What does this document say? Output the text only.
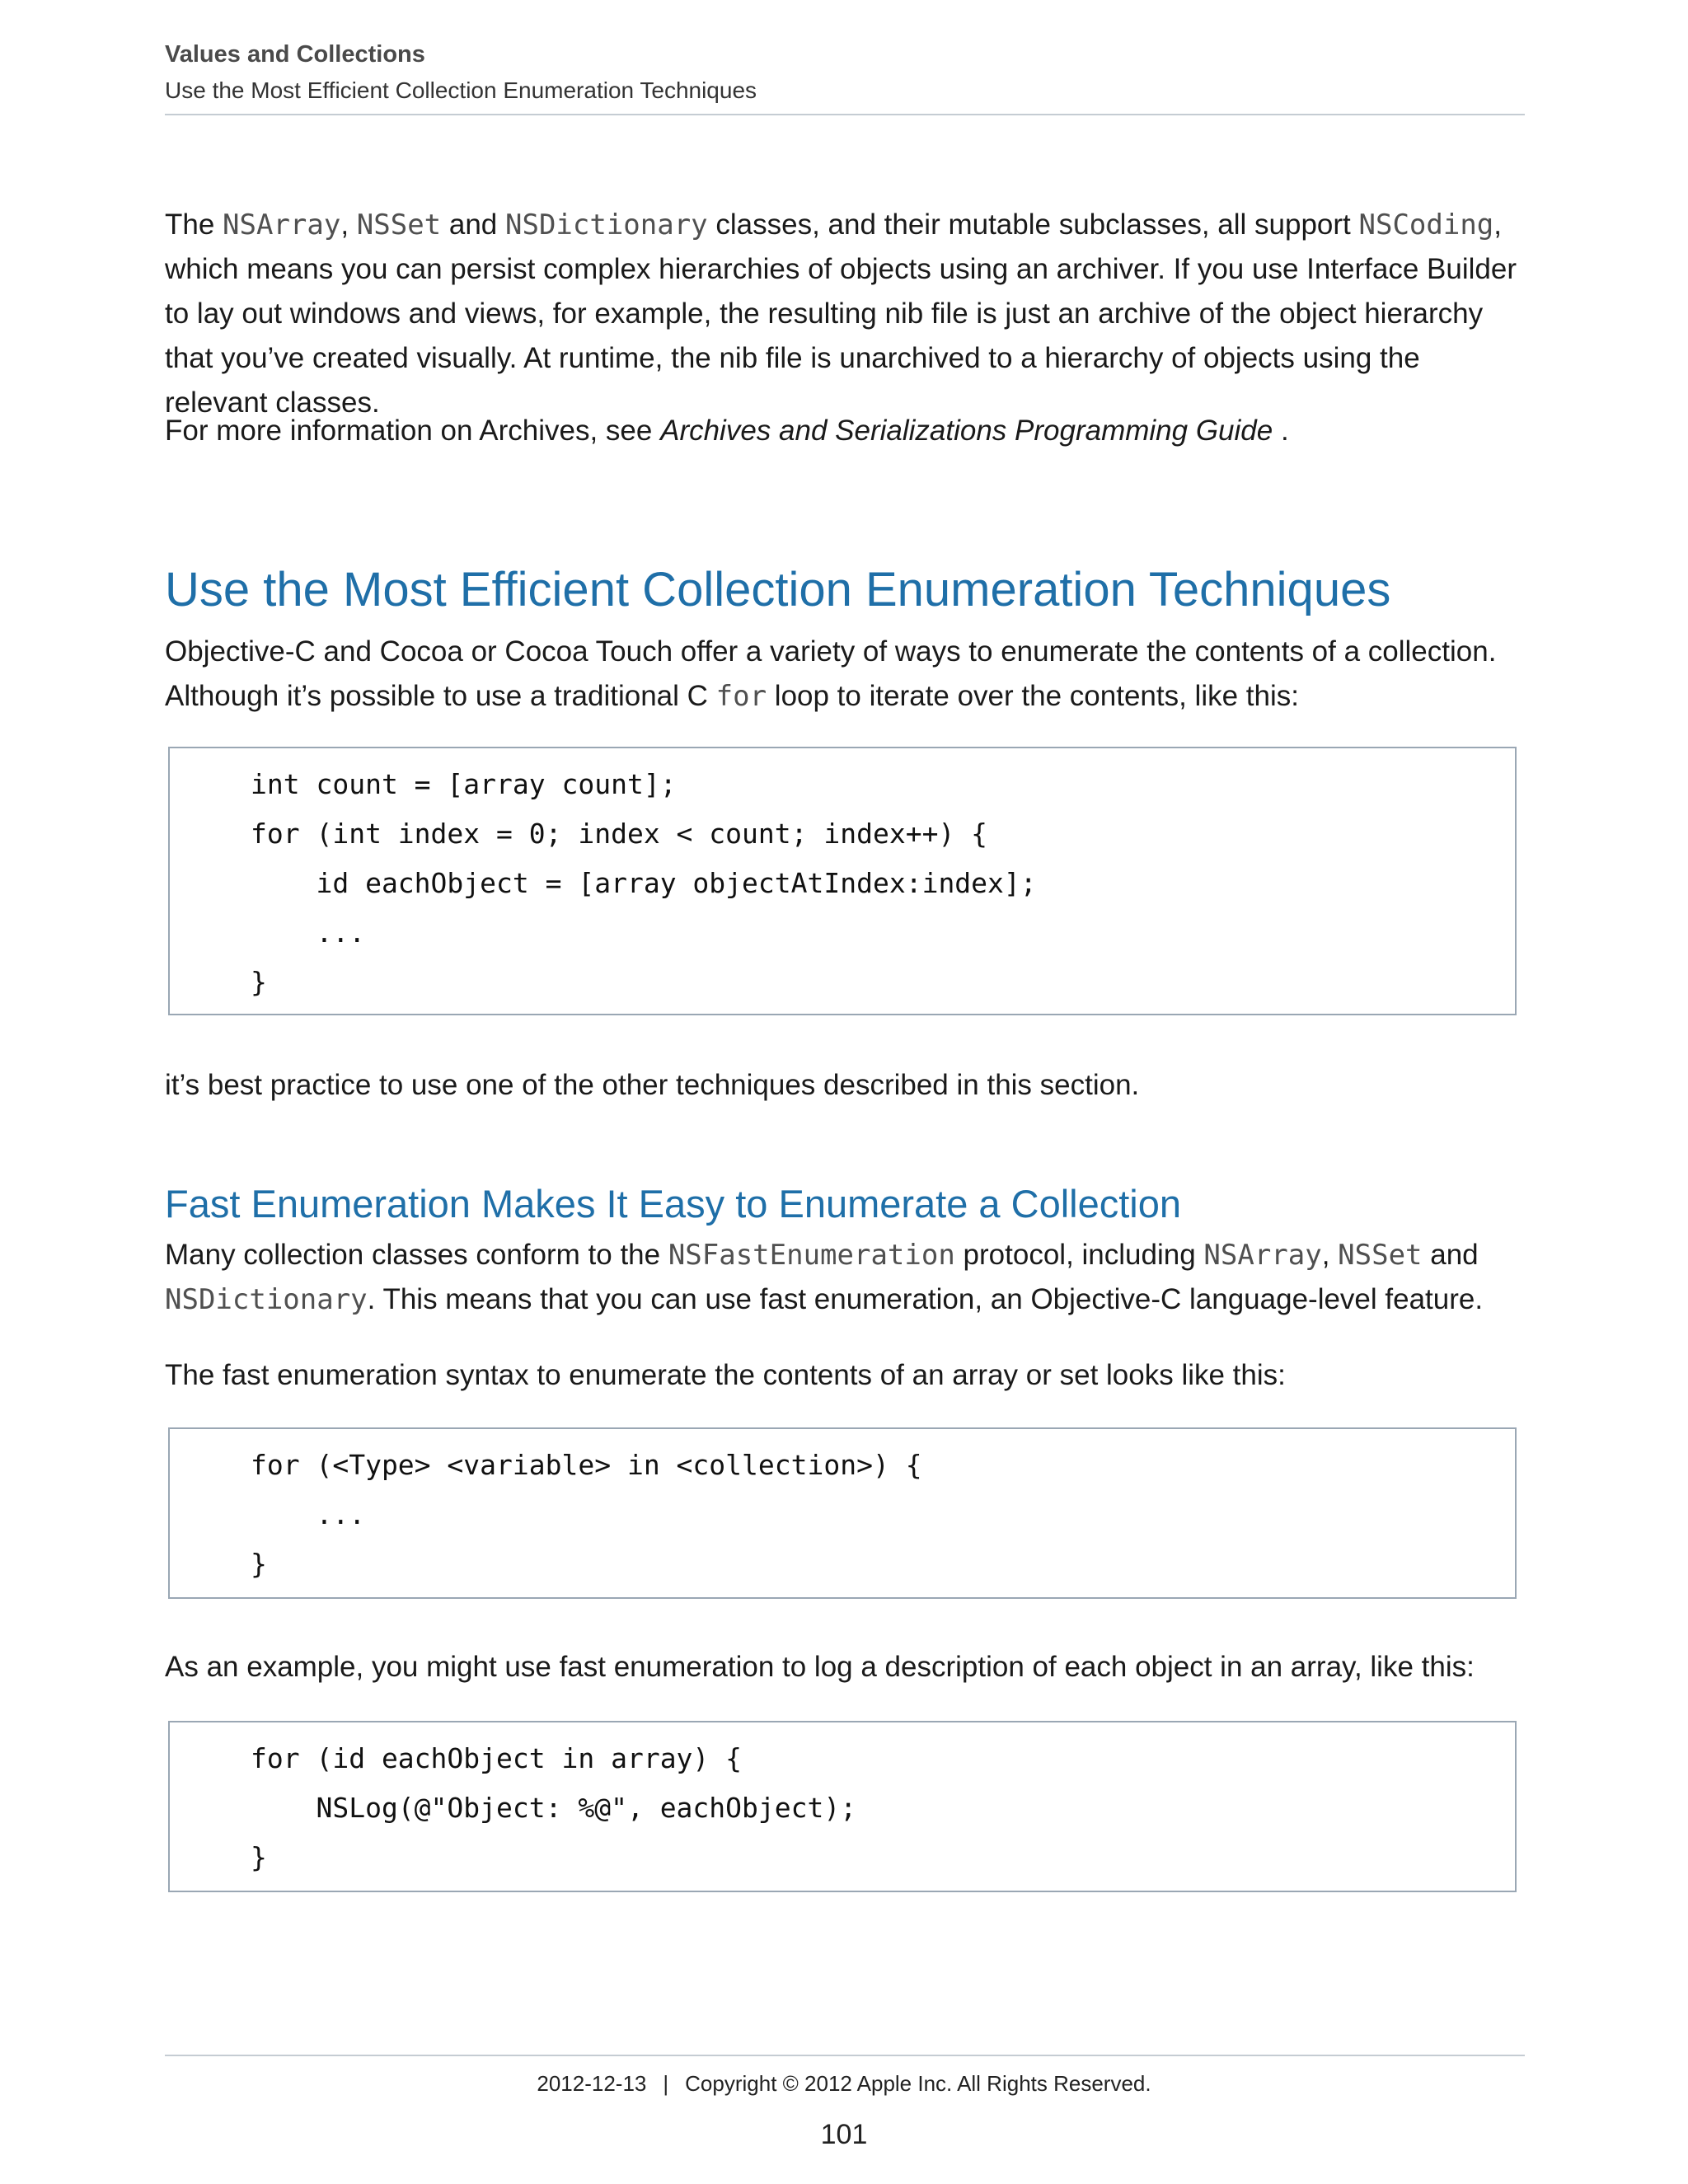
Values and Collections
Use the Most Efficient Collection Enumeration Techniques

The NSArray, NSSet and NSDictionary classes, and their mutable subclasses, all support NSCoding, which means you can persist complex hierarchies of objects using an archiver. If you use Interface Builder to lay out windows and views, for example, the resulting nib file is just an archive of the object hierarchy that you’ve created visually. At runtime, the nib file is unarchived to a hierarchy of objects using the relevant classes.

For more information on Archives, see Archives and Serializations Programming Guide .

Use the Most Efficient Collection Enumeration Techniques

Objective-C and Cocoa or Cocoa Touch offer a variety of ways to enumerate the contents of a collection. Although it’s possible to use a traditional C for loop to iterate over the contents, like this:

int count = [array count];
for (int index = 0; index < count; index++) {
id eachObject = [array objectAtIndex:index];
...
}

it’s best practice to use one of the other techniques described in this section.

Fast Enumeration Makes It Easy to Enumerate a Collection

Many collection classes conform to the NSFastEnumeration protocol, including NSArray, NSSet and NSDictionary. This means that you can use fast enumeration, an Objective-C language-level feature.

The fast enumeration syntax to enumerate the contents of an array or set looks like this:

for (<Type> <variable> in <collection>) {
...
}

As an example, you might use fast enumeration to log a description of each object in an array, like this:

for (id eachObject in array) {
NSLog(@"Object: %@", eachObject);
}
2012-12-13 | Copyright © 2012 Apple Inc. All Rights Reserved.
101
